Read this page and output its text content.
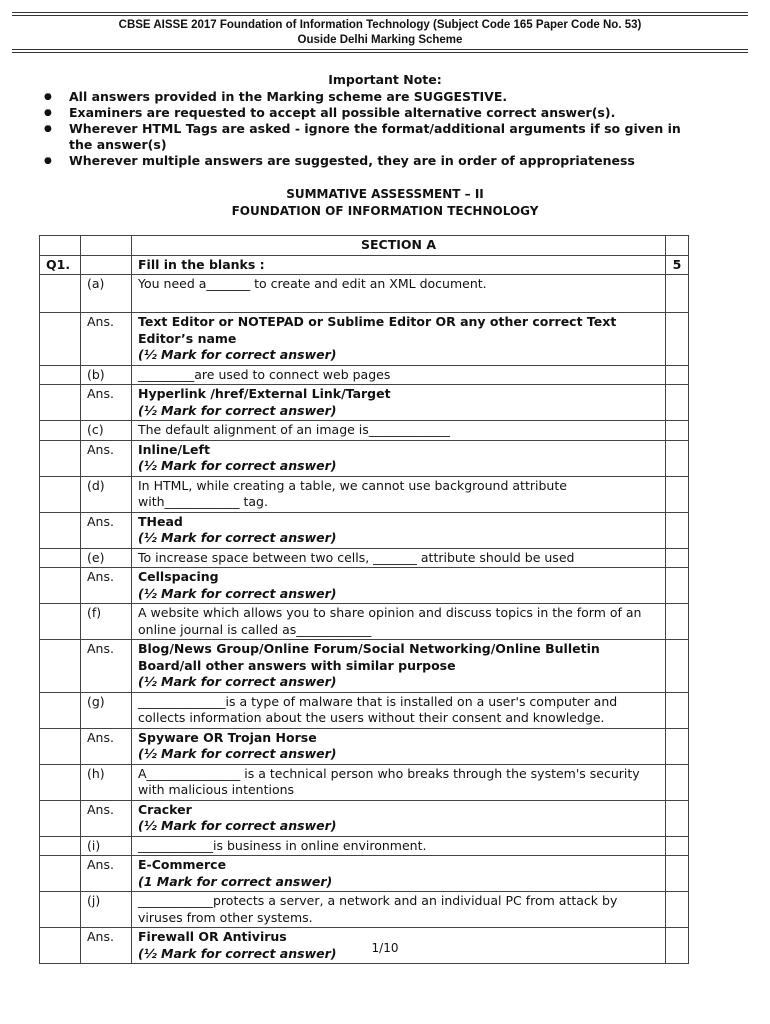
CBSE AISSE 2017 Foundation of Information Technology (Subject Code 165 Paper Code No. 53)
Ouside Delhi Marking Scheme
Important Note:
● All answers provided in the Marking scheme are SUGGESTIVE.
● Examiners are requested to accept all possible alternative correct answer(s).
● Wherever HTML Tags are asked - ignore the format/additional arguments if so given in the answer(s)
● Wherever multiple answers are suggested, they are in order of appropriateness
SUMMATIVE ASSESSMENT – II
FOUNDATION OF INFORMATION TECHNOLOGY
		SECTION A	
Q1.		Fill in the blanks :	5
	(a)	You need a_______ to create and edit an XML document.	
	Ans.	Text Editor or NOTEPAD or Sublime Editor OR any other correct Text Editor’s name
(½ Mark for correct answer)	

	(b)	_________are used to connect web pages	
	Ans.	Hyperlink /href/External Link/Target
(½ Mark for correct answer)	

	(c)	The default alignment of an image is_____________	
	Ans.	Inline/Left
(½ Mark for correct answer)	

	(d)	In HTML, while creating a table, we cannot use background attribute with____________ tag.	
	Ans.	THead
(½ Mark for correct answer)	

	(e)	To increase space between two cells, _______ attribute should be used	
	Ans.	Cellspacing
(½ Mark for correct answer)	

	(f)	A website which allows you to share opinion and discuss topics in the form of an online journal is called as____________	
	Ans.	Blog/News Group/Online Forum/Social Networking/Online Bulletin Board/all other answers with similar purpose
(½ Mark for correct answer)	

	(g)	______________is a type of malware that is installed on a user's computer and collects information about the users without their consent and knowledge.	
	Ans.	Spyware OR Trojan Horse
(½ Mark for correct answer)	

	(h)	A_______________ is a technical person who breaks through the system's security with malicious intentions	
	Ans.	Cracker
(½ Mark for correct answer)	

	(i)	____________is business in online environment.	
	Ans.	E-Commerce
(1 Mark for correct answer)	

	(j)	____________protects a server, a network and an individual PC from attack by viruses from other systems.	
	Ans.	Firewall OR Antivirus
(½ Mark for correct answer)	
		1/10
